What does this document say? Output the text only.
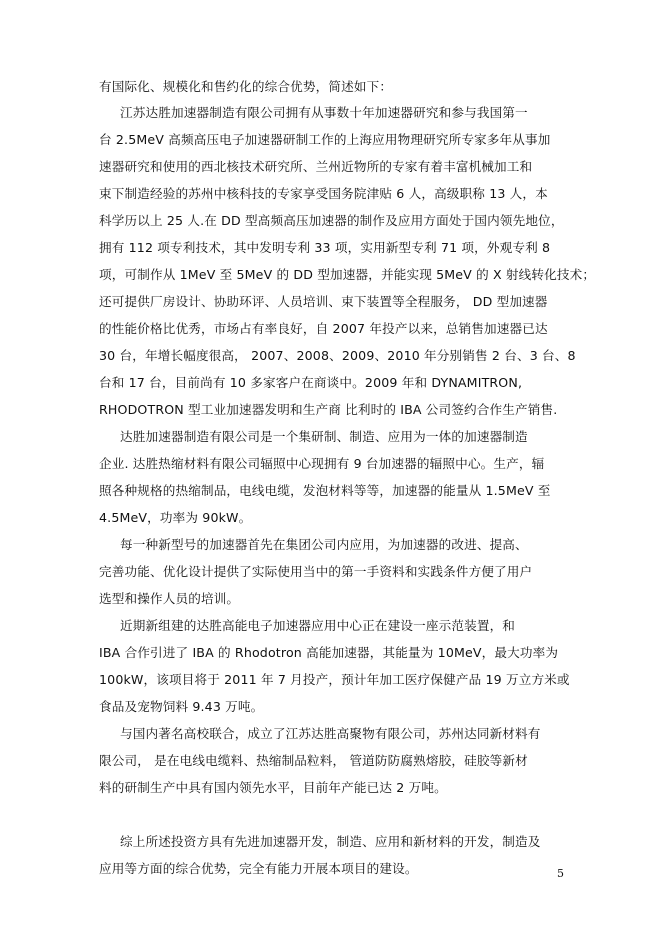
有国际化、规模化和售约化的综合优势，简述如下：
江苏达胜加速器制造有限公司拥有从事数十年加速器研究和参与我国第一
台 2.5MeV 高频高压电子加速器研制工作的上海应用物理研究所专家多年从事加
速器研究和使用的西北核技术研究所、兰州近物所的专家有着丰富机械加工和
束下制造经验的苏州中核科技的专家享受国务院津贴 6 人，高级职称 13 人，本
科学历以上 25 人.在 DD 型高频高压加速器的制作及应用方面处于国内领先地位，
拥有 112 项专利技术，其中发明专利 33 项，实用新型专利 71 项，外观专利 8
项，可制作从 1MeV 至 5MeV 的 DD 型加速器，并能实现 5MeV 的 X 射线转化技术；
还可提供厂房设计、协助环评、人员培训、束下装置等全程服务， DD 型加速器
的性能价格比优秀，市场占有率良好，自 2007 年投产以来，总销售加速器已达
30 台，年增长幅度很高， 2007、2008、2009、2010 年分别销售 2 台、3 台、8
台和 17 台，目前尚有 10 多家客户在商谈中。2009 年和 DYNAMITRON,
RHODOTRON 型工业加速器发明和生产商 比利时的 IBA 公司签约合作生产销售.
达胜加速器制造有限公司是一个集研制、制造、应用为一体的加速器制造
企业. 达胜热缩材料有限公司辐照中心现拥有 9 台加速器的辐照中心。生产，辐
照各种规格的热缩制品，电线电缆，发泡材料等等，加速器的能量从 1.5MeV 至
4.5MeV，功率为 90kW。
每一种新型号的加速器首先在集团公司内应用，为加速器的改进、提高、
完善功能、优化设计提供了实际使用当中的第一手资料和实践条件方便了用户
选型和操作人员的培训。
近期新组建的达胜高能电子加速器应用中心正在建设一座示范装置，和
IBA 合作引进了 IBA 的 Rhodotron 高能加速器，其能量为 10MeV，最大功率为
100kW，该项目将于 2011 年 7 月投产，预计年加工医疗保健产品 19 万立方米或
食品及宠物饲料 9.43 万吨。
与国内著名高校联合，成立了江苏达胜高聚物有限公司，苏州达同新材料有
限公司， 是在电线电缆料、热缩制品粒料， 管道防防腐熟熔胶，硅胶等新材
料的研制生产中具有国内领先水平，目前年产能已达 2 万吨。
综上所述投资方具有先进加速器开发，制造、应用和新材料的开发，制造及
应用等方面的综合优势，完全有能力开展本项目的建设。	5
